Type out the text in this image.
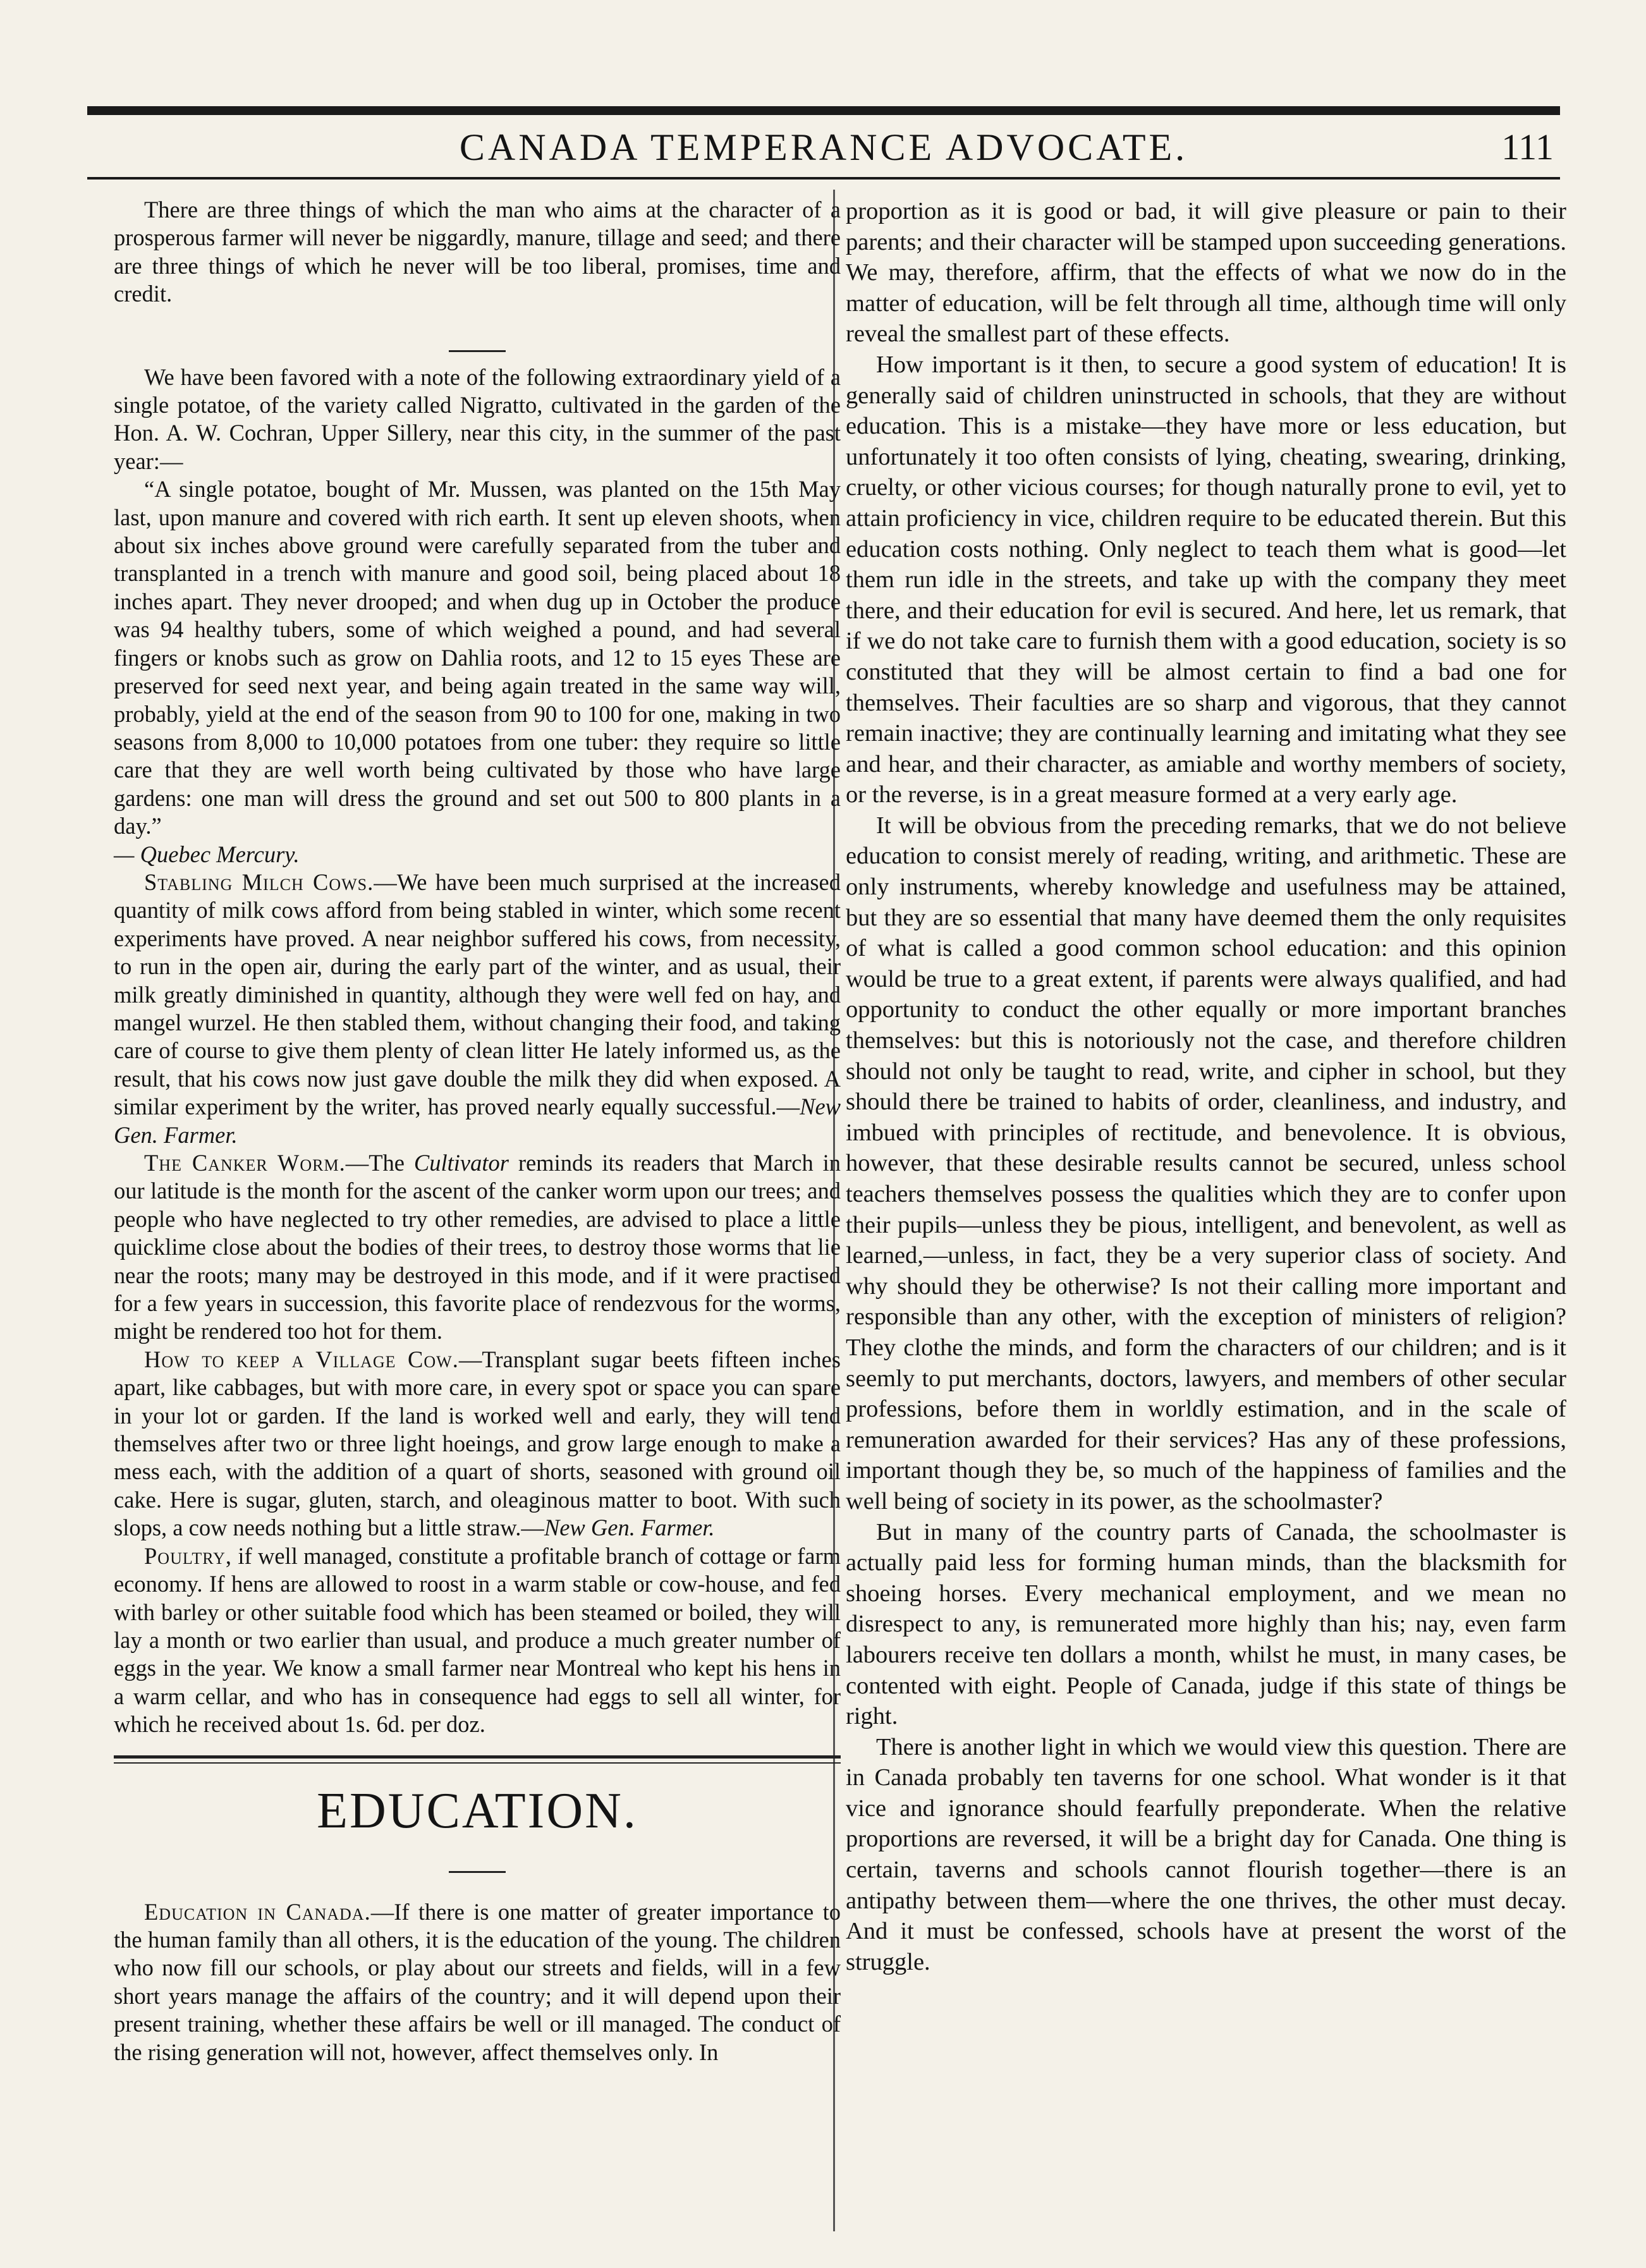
CANADA TEMPERANCE ADVOCATE.	111

There are three things of which the man who aims at the character of a prosperous farmer will never be niggardly, manure, tillage and seed; and there are three things of which he never will be too liberal, promises, time and credit.

We have been favored with a note of the following extraordinary yield of a single potatoe, of the variety called Nigratto, cultivated in the garden of the Hon. A. W. Cochran, Upper Sillery, near this city, in the summer of the past year:—

“A single potatoe, bought of Mr. Mussen, was planted on the 15th May last, upon manure and covered with rich earth. It sent up eleven shoots, when about six inches above ground were carefully separated from the tuber and transplanted in a trench with manure and good soil, being placed about 18 inches apart. They never drooped; and when dug up in October the produce was 94 healthy tubers, some of which weighed a pound, and had several fingers or knobs such as grow on Dahlia roots, and 12 to 15 eyes These are preserved for seed next year, and being again treated in the same way will, probably, yield at the end of the season from 90 to 100 for one, making in two seasons from 8,000 to 10,000 potatoes from one tuber: they require so little care that they are well worth being cultivated by those who have large gardens: one man will dress the ground and set out 500 to 800 plants in a day.”

— Quebec Mercury.

Stabling Milch Cows.—We have been much surprised at the increased quantity of milk cows afford from being stabled in winter, which some recent experiments have proved. A near neighbor suffered his cows, from necessity, to run in the open air, during the early part of the winter, and as usual, their milk greatly diminished in quantity, although they were well fed on hay, and mangel wurzel. He then stabled them, without changing their food, and taking care of course to give them plenty of clean litter He lately informed us, as the result, that his cows now just gave double the milk they did when exposed. A similar experiment by the writer, has proved nearly equally successful.—New Gen. Farmer.

The Canker Worm.—The Cultivator reminds its readers that March in our latitude is the month for the ascent of the canker worm upon our trees; and people who have neglected to try other remedies, are advised to place a little quicklime close about the bodies of their trees, to destroy those worms that lie near the roots; many may be destroyed in this mode, and if it were practised for a few years in succession, this favorite place of rendezvous for the worms, might be rendered too hot for them.

How to keep a Village Cow.—Transplant sugar beets fifteen inches apart, like cabbages, but with more care, in every spot or space you can spare in your lot or garden. If the land is worked well and early, they will tend themselves after two or three light hoeings, and grow large enough to make a mess each, with the addition of a quart of shorts, seasoned with ground oil cake. Here is sugar, gluten, starch, and oleaginous matter to boot. With such slops, a cow needs nothing but a little straw.—New Gen. Farmer.

Poultry, if well managed, constitute a profitable branch of cottage or farm economy. If hens are allowed to roost in a warm stable or cow-house, and fed with barley or other suitable food which has been steamed or boiled, they will lay a month or two earlier than usual, and produce a much greater number of eggs in the year. We know a small farmer near Montreal who kept his hens in a warm cellar, and who has in consequence had eggs to sell all winter, for which he received about 1s. 6d. per doz.

EDUCATION.

Education in Canada.—If there is one matter of greater importance to the human family than all others, it is the education of the young. The children who now fill our schools, or play about our streets and fields, will in a few short years manage the affairs of the country; and it will depend upon their present training, whether these affairs be well or ill managed. The conduct of the rising generation will not, however, affect themselves only. In

proportion as it is good or bad, it will give pleasure or pain to their parents; and their character will be stamped upon succeeding generations. We may, therefore, affirm, that the effects of what we now do in the matter of education, will be felt through all time, although time will only reveal the smallest part of these effects.

How important is it then, to secure a good system of education! It is generally said of children uninstructed in schools, that they are without education. This is a mistake—they have more or less education, but unfortunately it too often consists of lying, cheating, swearing, drinking, cruelty, or other vicious courses; for though naturally prone to evil, yet to attain proficiency in vice, children require to be educated therein. But this education costs nothing. Only neglect to teach them what is good—let them run idle in the streets, and take up with the company they meet there, and their education for evil is secured. And here, let us remark, that if we do not take care to furnish them with a good education, society is so constituted that they will be almost certain to find a bad one for themselves. Their faculties are so sharp and vigorous, that they cannot remain inactive; they are continually learning and imitating what they see and hear, and their character, as amiable and worthy members of society, or the reverse, is in a great measure formed at a very early age.

It will be obvious from the preceding remarks, that we do not believe education to consist merely of reading, writing, and arithmetic. These are only instruments, whereby knowledge and usefulness may be attained, but they are so essential that many have deemed them the only requisites of what is called a good common school education: and this opinion would be true to a great extent, if parents were always qualified, and had opportunity to conduct the other equally or more important branches themselves: but this is notoriously not the case, and therefore children should not only be taught to read, write, and cipher in school, but they should there be trained to habits of order, cleanliness, and industry, and imbued with principles of rectitude, and benevolence. It is obvious, however, that these desirable results cannot be secured, unless school teachers themselves possess the qualities which they are to confer upon their pupils—unless they be pious, intelligent, and benevolent, as well as learned,—unless, in fact, they be a very superior class of society. And why should they be otherwise? Is not their calling more important and responsible than any other, with the exception of ministers of religion? They clothe the minds, and form the characters of our children; and is it seemly to put merchants, doctors, lawyers, and members of other secular professions, before them in worldly estimation, and in the scale of remuneration awarded for their services? Has any of these professions, important though they be, so much of the happiness of families and the well being of society in its power, as the schoolmaster?

But in many of the country parts of Canada, the schoolmaster is actually paid less for forming human minds, than the blacksmith for shoeing horses. Every mechanical employment, and we mean no disrespect to any, is remunerated more highly than his; nay, even farm labourers receive ten dollars a month, whilst he must, in many cases, be contented with eight. People of Canada, judge if this state of things be right.

There is another light in which we would view this question. There are in Canada probably ten taverns for one school. What wonder is it that vice and ignorance should fearfully preponderate. When the relative proportions are reversed, it will be a bright day for Canada. One thing is certain, taverns and schools cannot flourish together—there is an antipathy between them—where the one thrives, the other must decay. And it must be confessed, schools have at present the worst of the struggle.
